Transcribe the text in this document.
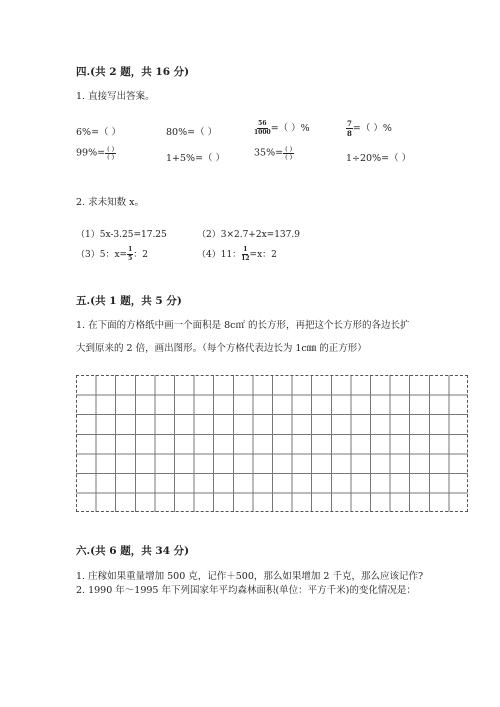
四.(共 2 题，共 16 分)
1. 直接写出答案。
6%=（ ）	80%=（ ）	$\frac{56}{1000}$ =（ ）%	$\frac{7}{8}$ =（ ）%
$99\%= \frac{( )}{( )}$	1+5%=（ ）	$35\%= \frac{( )}{( )}$	1÷20%=（ ）
2. 求未知数 x。
（1）5x-3.25=17.25	（2）3×2.7+2x=137.9
（3）5：$x= \frac{1}{5}$ ：2	（4）11： $\frac{1}{12} =x$：2
五.(共 1 题，共 5 分)
1. 在下面的方格纸中画一个面积是 8c㎡ 的长方形，再把这个长方形的各边长扩
大到原来的 2 倍，画出图形。（每个方格代表边长为 1c㎜ 的正方形）
六.(共 6 题，共 34 分)
1. 庄稼如果重量增加 500 克，记作＋500，那么如果增加 2 千克，那么应该记作?
2. 1990 年～1995 年下列国家年平均森林面积(单位：平方千米)的变化情况是：
